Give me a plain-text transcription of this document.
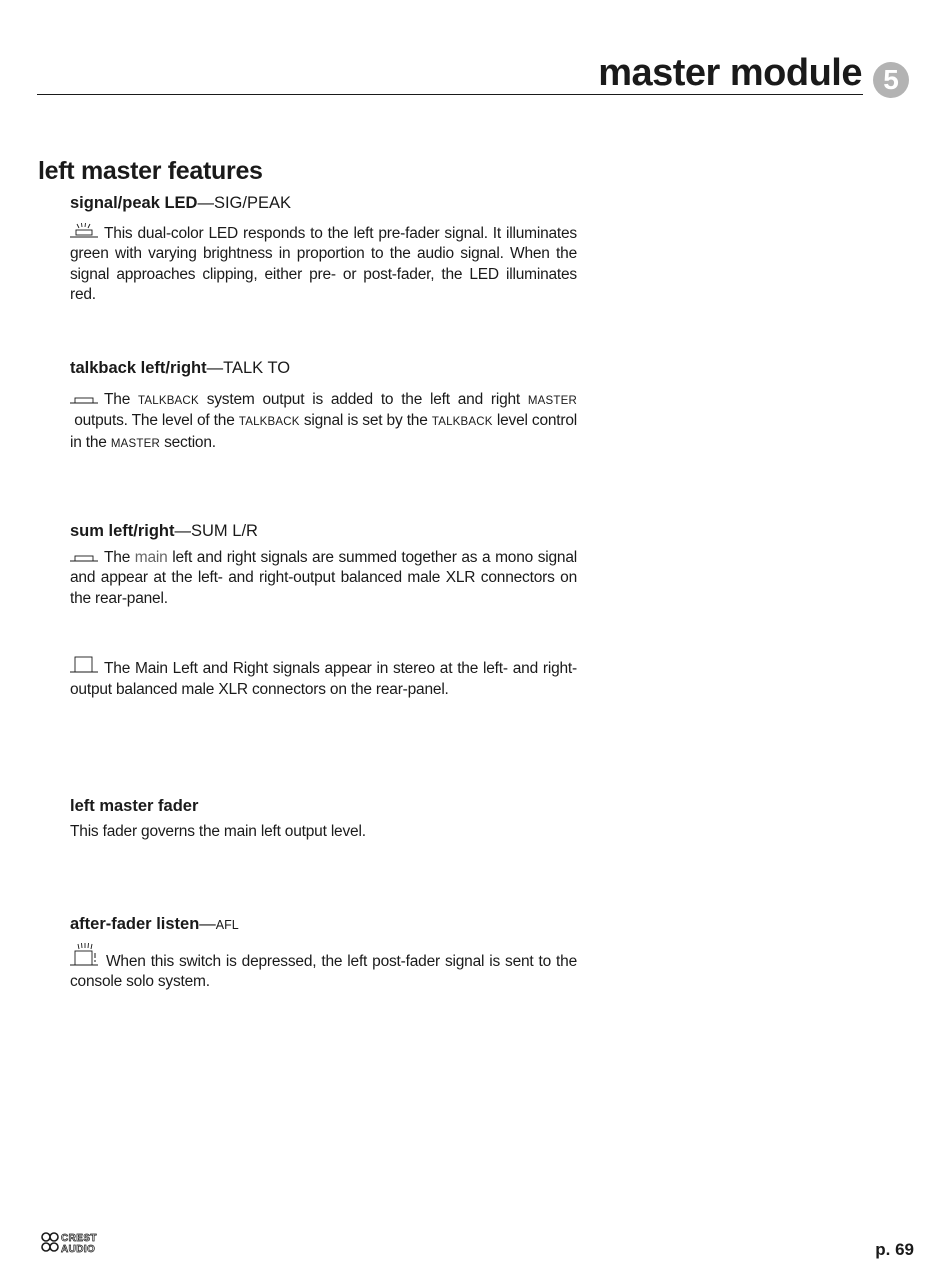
master module 5
left master features
signal/peak LED—SIG/PEAK

This dual-color LED responds to the left pre-fader signal. It illuminates green with varying brightness in proportion to the audio signal. When the signal approaches clipping, either pre- or post-fader, the LED illuminates red.

talkback left/right—TALK TO

The TALKBACK system output is added to the left and right MASTER outputs. The level of the TALKBACK signal is set by the TALKBACK level control in the MASTER section.

sum left/right—SUM L/R

The main left and right signals are summed together as a mono signal and appear at the left- and right-output balanced male XLR connectors on the rear-panel.

The Main Left and Right signals appear in stereo at the left- and right-output balanced male XLR connectors on the rear-panel.

left master fader

This fader governs the main left output level.

after-fader listen—AFL

When this switch is depressed, the left post-fader signal is sent to the console solo system.

CREST
AUDIO	p. 69
